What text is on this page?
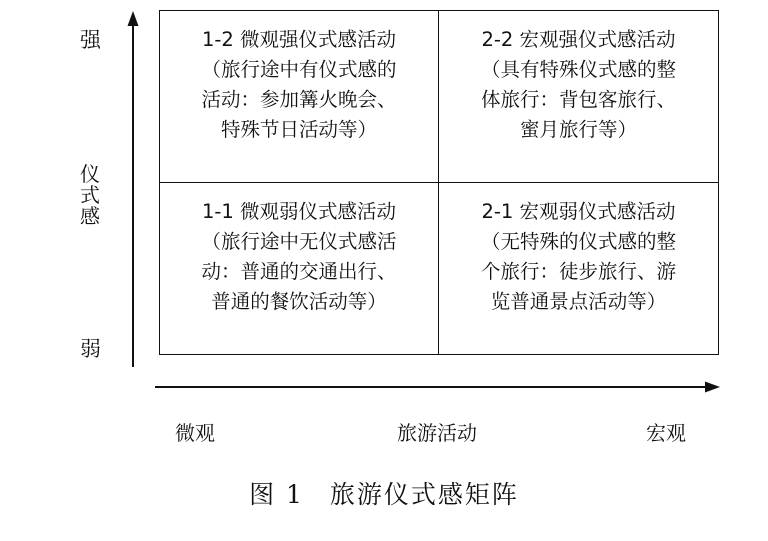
强
仪
式
感
弱
1-2 微观强仪式感活动
（旅行途中有仪式感的
活动：参加篝火晚会、
特殊节日活动等）
2-2 宏观强仪式感活动
（具有特殊仪式感的整
体旅行：背包客旅行、
蜜月旅行等）
1-1 微观弱仪式感活动
（旅行途中无仪式感活
动：普通的交通出行、
普通的餐饮活动等）
2-1 宏观弱仪式感活动
（无特殊的仪式感的整
个旅行：徒步旅行、游
览普通景点活动等）
微观	旅游活动	宏观
图 1 旅游仪式感矩阵
